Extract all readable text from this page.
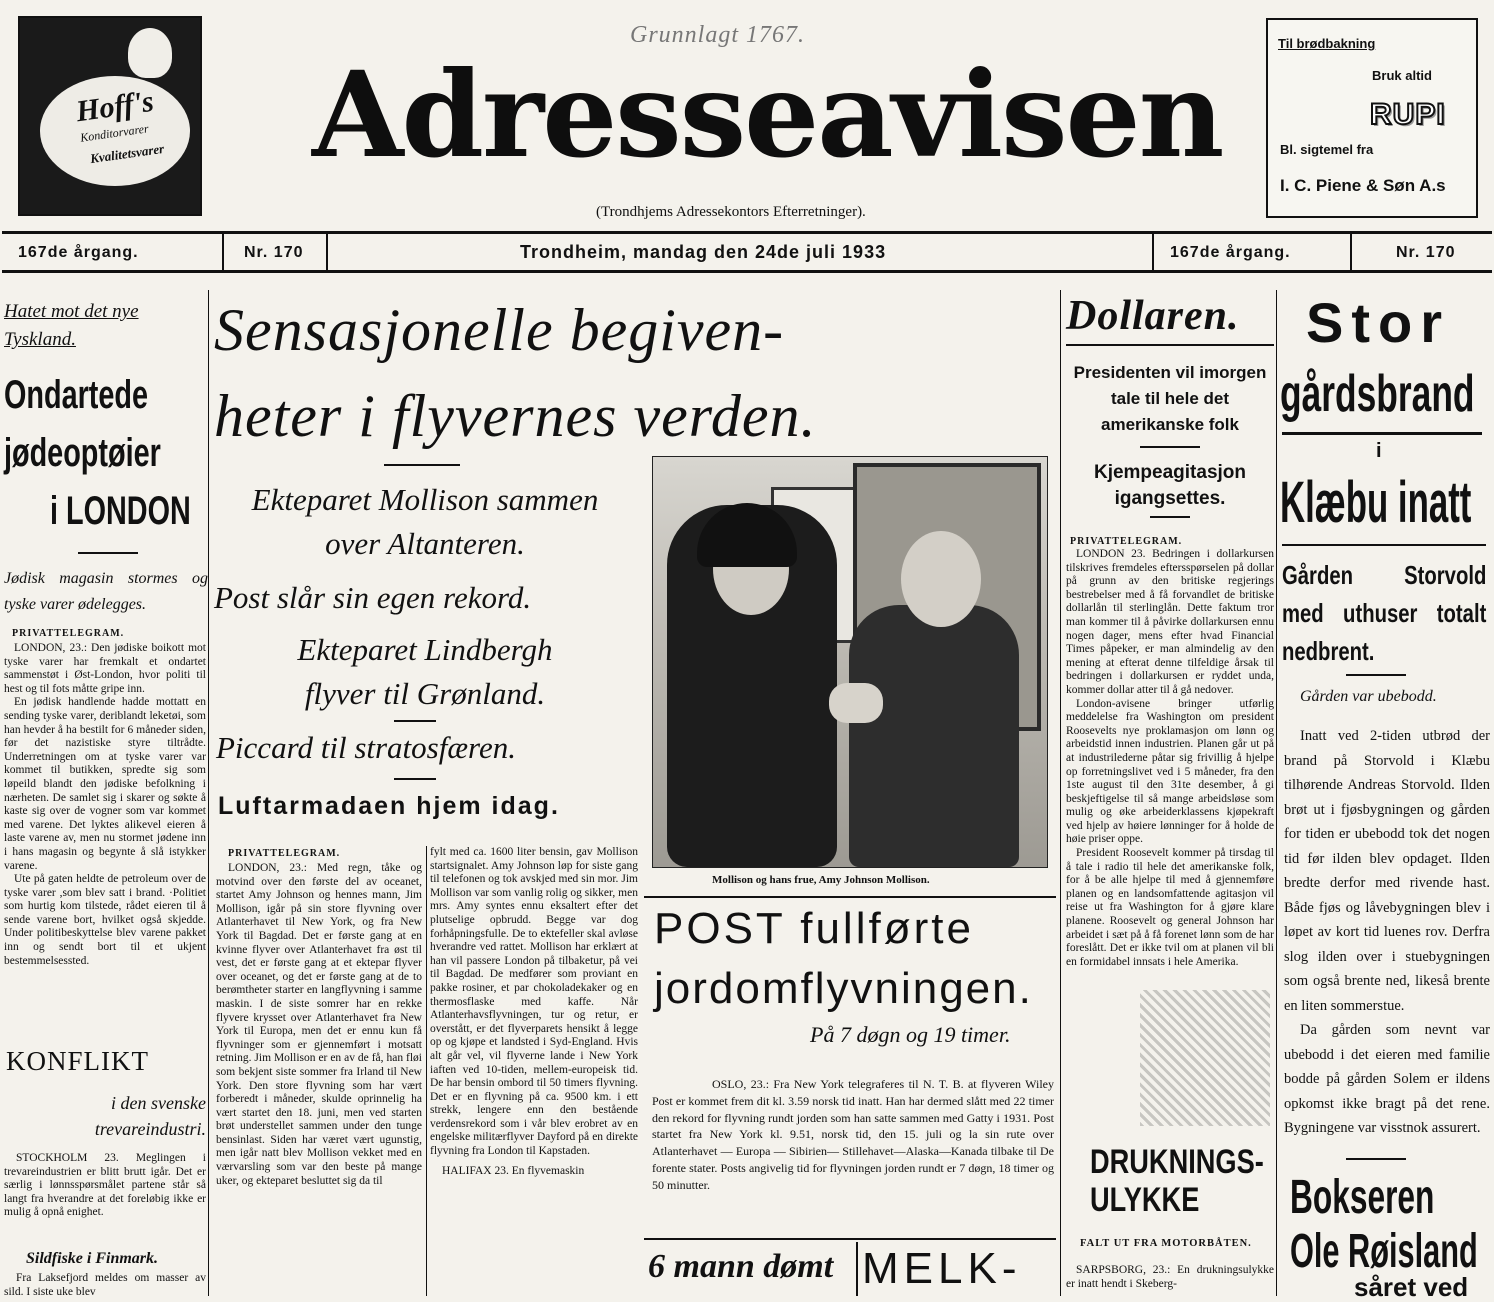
Hoff's
Konditorvarer
Kvalitetsvarer
Grunnlagt 1767.
Adresseavisen
(Trondhjems Adressekontors Efterretninger).
Til brødbakning
Bruk altid
RUPI
Bl. sigtemel fra
I. C. Piene & Søn A.s
167de årgang.	Nr. 170	Trondheim, mandag den 24de juli 1933	167de årgang.	Nr. 170
Hatet mot det nye Tyskland.
Ondartede
jødeoptøier
i LONDON
Jødisk magasin stormes og tyske varer ødelegges.
PRIVATTELEGRAM.

LONDON, 23.: Den jødiske boikott mot tyske varer har fremkalt et ondartet sammenstøt i Øst-London, hvor politi til hest og til fots måtte gripe inn.

En jødisk handlende hadde mottatt en sending tyske varer, deriblandt leketøi, som han hevder å ha bestilt for 6 måneder siden, før det nazistiske styre tiltrådte. Underretningen om at tyske varer var kommet til butikken, spredte sig som løpeild blandt den jødiske befolkning i nærheten. De samlet sig i skarer og søkte å kaste sig over de vogner som var kommet med varene. Det lyktes alikevel eieren å laste varene av, men nu stormet jødene inn i hans magasin og begynte å slå istykker varene.

Ute på gaten heldte de petroleum over de tyske varer ,som blev satt i brand. ·Politiet som hurtig kom tilstede, rådet eieren til å sende varene bort, hvilket også skjedde. Under politibeskyttelse blev varene pakket inn og sendt bort til et ukjent bestemmelsessted.

KONFLIKT
i den svenske trevareindustri.
STOCKHOLM 23. Meglingen i trevareindustrien er blitt brutt igår. Det er særlig i lønnsspørsmålet partene står så langt fra hverandre at det foreløbig ikke er mulig å opnå enighet.
Sildfiske i Finmark.
Fra Laksefjord meldes om masser av sild. I siste uke blev
Sensasjonelle begiven-
heter i flyvernes verden.
Ekteparet Mollison sammen
over Altanteren.
Post slår sin egen rekord.
Ekteparet Lindbergh
flyver til Grønland.
Piccard til stratosfæren.
Luftarmadaen hjem idag.
PRIVATTELEGRAM.
LONDON, 23.: Med regn, tåke og motvind over den første del av oceanet, startet Amy Johnson og hennes mann, Jim Mollison, igår på sin store flyvning over Atlanterhavet til New York, og fra New York til Bagdad. Det er første gang at en kvinne flyver over Atlanterhavet fra øst til vest, det er første gang at et ektepar flyver over oceanet, og det er første gang at de to berømtheter starter en langflyvning i samme maskin. I de siste somrer har en rekke flyvere krysset over Atlanterhavet fra New York til Europa, men det er ennu kun få flyvninger som er gjennemført i motsatt retning. Jim Mollison er en av de få, han fløi som bekjent siste sommer fra Irland til New York. Den store flyvning som har vært forberedt i måneder, skulde oprinnelig ha vært startet den 18. juni, men ved starten brøt understellet sammen under den tunge bensinlast. Siden har været vært ugunstig, men igår natt blev Mollison vekket med en værvarsling som var den beste på mange uker, og ekteparet besluttet sig da til
fylt med ca. 1600 liter bensin, gav Mollison startsignalet. Amy Johnson løp for siste gang til telefonen og tok avskjed med sin mor. Jim Mollison var som vanlig rolig og sikker, men mrs. Amy syntes ennu eksaltert efter det plutselige opbrudd. Begge var dog forhåpningsfulle. De to ektefeller skal avløse hverandre ved rattet. Mollison har erklært at han vil passere London på tilbaketur, på vei til Bagdad. De medfører som proviant en pakke rosiner, et par chokoladekaker og en thermosflaske med kaffe. Når Atlanterhavsflyvningen, tur og retur, er overstått, er det flyverparets hensikt å legge op og kjøpe et landsted i Syd-England. Hvis alt går vel, vil flyverne lande i New York iaften ved 10-tiden, mellem-europeisk tid. De har bensin ombord til 50 timers flyvning. Det er en flyvning på ca. 9500 km. i ett strekk, lengere enn den bestående verdensrekord som i vår blev erobret av en engelske militærflyver Dayford på en direkte flyvning fra London til Kapstaden.
HALIFAX 23. En flyvemaskin
Mollison og hans frue, Amy Johnson Mollison.
POST fullførte
jordomflyvningen.
På 7 døgn og 19 timer.
OSLO, 23.: Fra New York telegraferes til N. T. B. at flyveren Wiley Post er kommet frem dit kl. 3.59 norsk tid inatt. Han har dermed slått med 22 timer den rekord for flyvning rundt jorden som han satte sammen med Gatty i 1931. Post startet fra New York kl. 9.51, norsk tid, den 15. juli og la sin rute over Atlanterhavet — Europa — Sibirien— Stillehavet—Alaska—Kanada tilbake til De forente stater. Posts angivelig tid for flyvningen jorden rundt er 7 døgn, 18 timer og 50 minutter.
6 mann dømt MELK-
Dollaren.
Presidenten vil imorgen tale til hele det amerikanske folk
Kjempeagitasjon igangsettes.
PRIVATTELEGRAM.

LONDON 23. Bedringen i dollarkursen tilskrives fremdeles eftersspørselen på dollar på grunn av den britiske regjerings bestrebelser med å få forvandlet de britiske dollarlån til sterlinglån. Dette faktum tror man kommer til å påvirke dollarkursen ennu nogen dager, mens efter hvad Financial Times påpeker, er man almindelig av den mening at efterat denne tilfeldige årsak til bedringen i dollarkursen er ryddet unda, kommer dollar atter til å gå nedover.

London-avisene bringer utførlig meddelelse fra Washington om president Roosevelts nye proklamasjon om lønn og arbeidstid innen industrien. Planen går ut på at industrilederne påtar sig frivillig å hjelpe op forretningslivet ved i 5 måneder, fra den 1ste august til den 31te desember, å gi beskjeftigelse til så mange arbeidsløse som mulig og øke arbeiderklassens kjøpekraft ved hjelp av høiere lønninger for å holde de høie priser oppe.

President Roosevelt kommer på tirsdag til å tale i radio til hele det amerikanske folk, for å be alle hjelpe til med å gjennemføre planen og en landsomfattende agitasjon vil reise ut fra Washington for å gjøre klare planene. Roosevelt og general Johnson har arbeidet i sæt på å få forenet lønn som de har foreslått. Det er ikke tvil om at planen vil bli en formidabel innsats i hele Amerika.

DRUKNINGS-
ULYKKE
FALT UT FRA MOTORBÅTEN.
SARPSBORG, 23.: En drukningsulykke er inatt hendt i Skeberg-
Stor
gårdsbrand
i
Klæbu inatt
Gården Storvold med uthuser totalt nedbrent.
Gården var ubebodd.

Inatt ved 2-tiden utbrød der brand på Storvold i Klæbu tilhørende Andreas Storvold. Ilden brøt ut i fjøsbygningen og gården for tiden er ubebodd tok det nogen tid før ilden blev opdaget. Ilden bredte derfor med rivende hast. Både fjøs og låvebygningen blev i løpet av kort tid luenes rov. Derfra slog ilden over i stuebygningen som også brente ned, likeså brente en liten sommerstue.

Da gården som nevnt var ubebodd i det eieren med familie bodde på gården Solem er ildens opkomst ikke bragt på det rene. Bygningene var visstnok assurert.

Bokseren
Ole Røisland
såret ved
